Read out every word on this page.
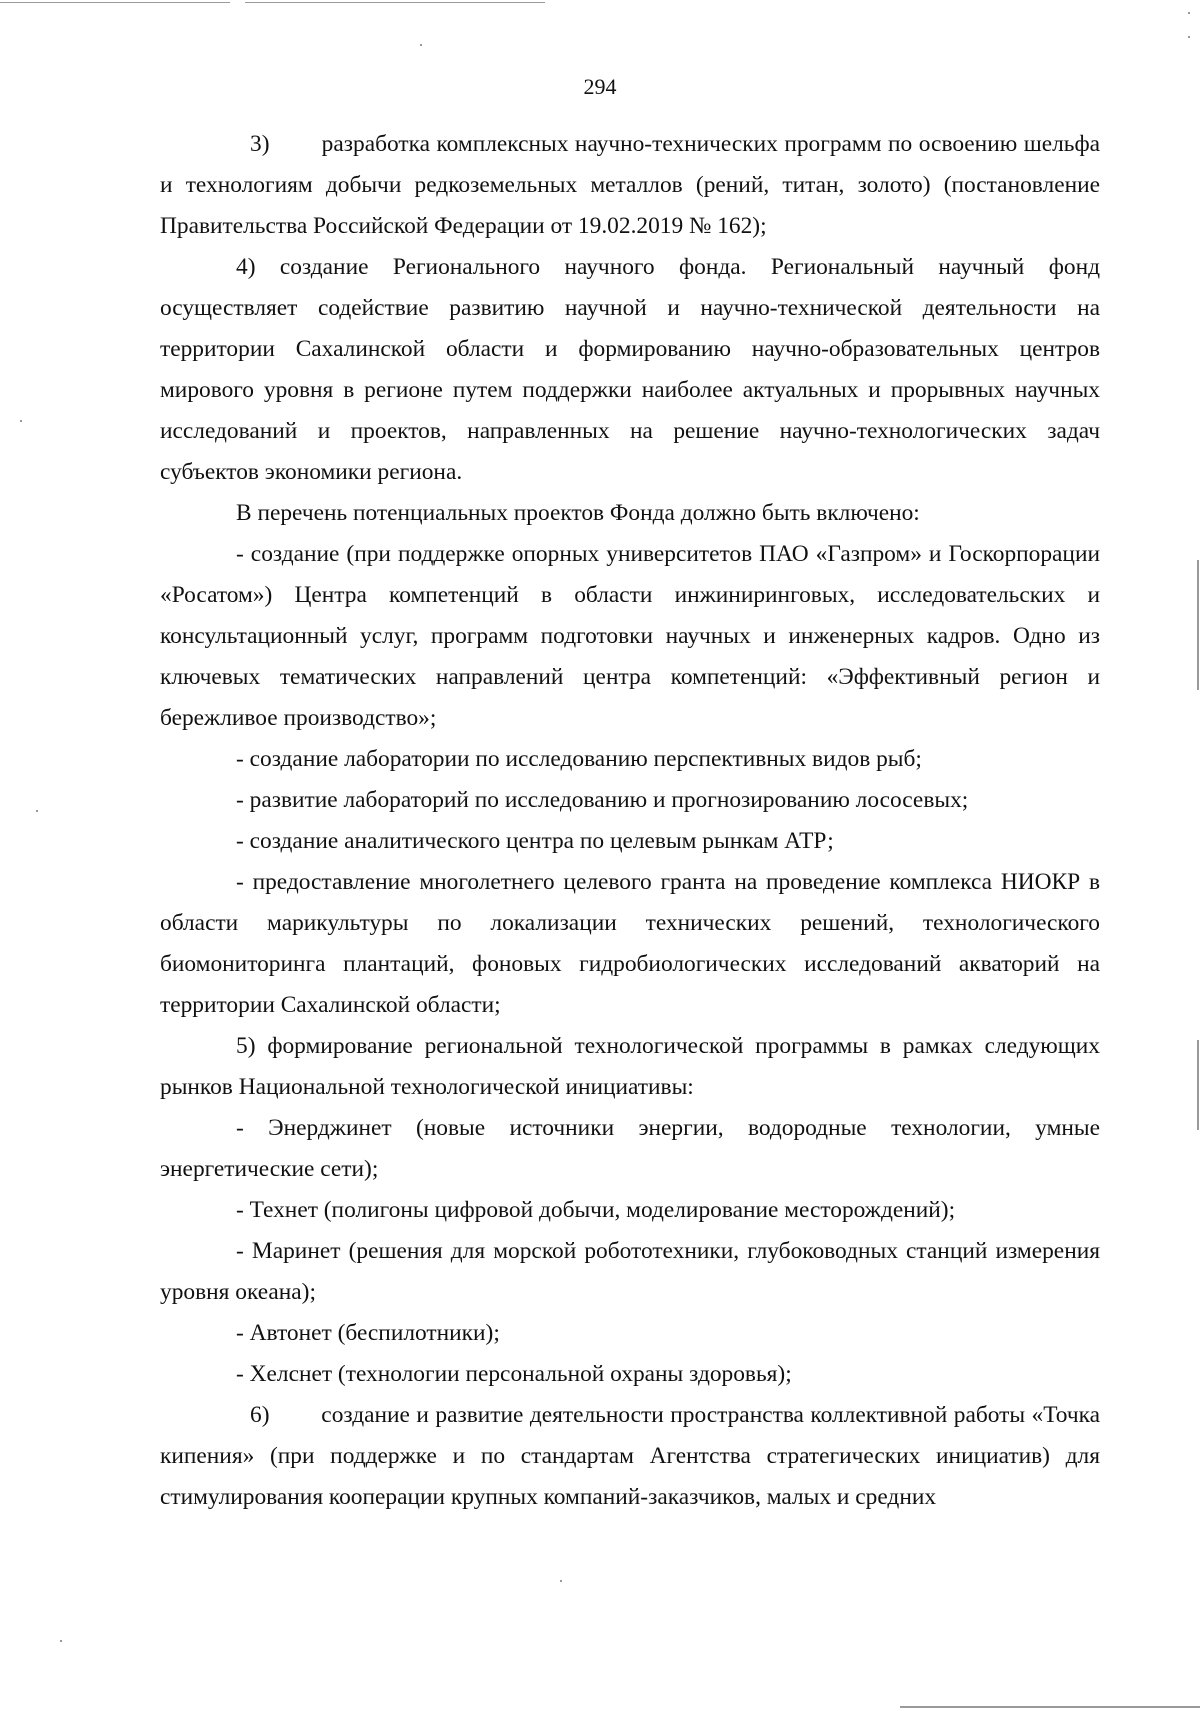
294

3)        разработка комплексных научно-технических программ по освоению шельфа и технологиям добычи редкоземельных металлов (рений, титан, золото) (постановление Правительства Российской Федерации от 19.02.2019 № 162);

4) создание Регионального научного фонда. Региональный научный фонд осуществляет содействие развитию научной и научно-технической деятельности на территории Сахалинской области и формированию научно-образовательных центров мирового уровня в регионе путем поддержки наиболее актуальных и прорывных научных исследований и проектов, направленных на решение научно-технологических задач субъектов экономики региона.

В перечень потенциальных проектов Фонда должно быть включено:

- создание (при поддержке опорных университетов ПАО «Газпром» и Госкорпорации «Росатом») Центра компетенций в области инжиниринговых, исследовательских и консультационный услуг, программ подготовки научных и инженерных кадров. Одно из ключевых тематических направлений центра компетенций: «Эффективный регион и бережливое производство»;

- создание лаборатории по исследованию перспективных видов рыб;

- развитие лабораторий по исследованию и прогнозированию лососевых;

- создание аналитического центра по целевым рынкам АТР;

- предоставление многолетнего целевого гранта на проведение комплекса НИОКР в области марикультуры по локализации технических решений, технологического биомониторинга плантаций, фоновых гидробиологических исследований акваторий на территории Сахалинской области;

5) формирование региональной технологической программы в рамках следующих рынков Национальной технологической инициативы:

- Энерджинет (новые источники энергии, водородные технологии, умные энергетические сети);

- Технет (полигоны цифровой добычи, моделирование месторождений);

- Маринет (решения для морской робототехники, глубоководных станций измерения уровня океана);

- Автонет (беспилотники);

- Хелснет (технологии персональной охраны здоровья);

6)        создание и развитие деятельности пространства коллективной работы «Точка кипения» (при поддержке и по стандартам Агентства стратегических инициатив) для стимулирования кооперации крупных компаний-заказчиков, малых и средних
